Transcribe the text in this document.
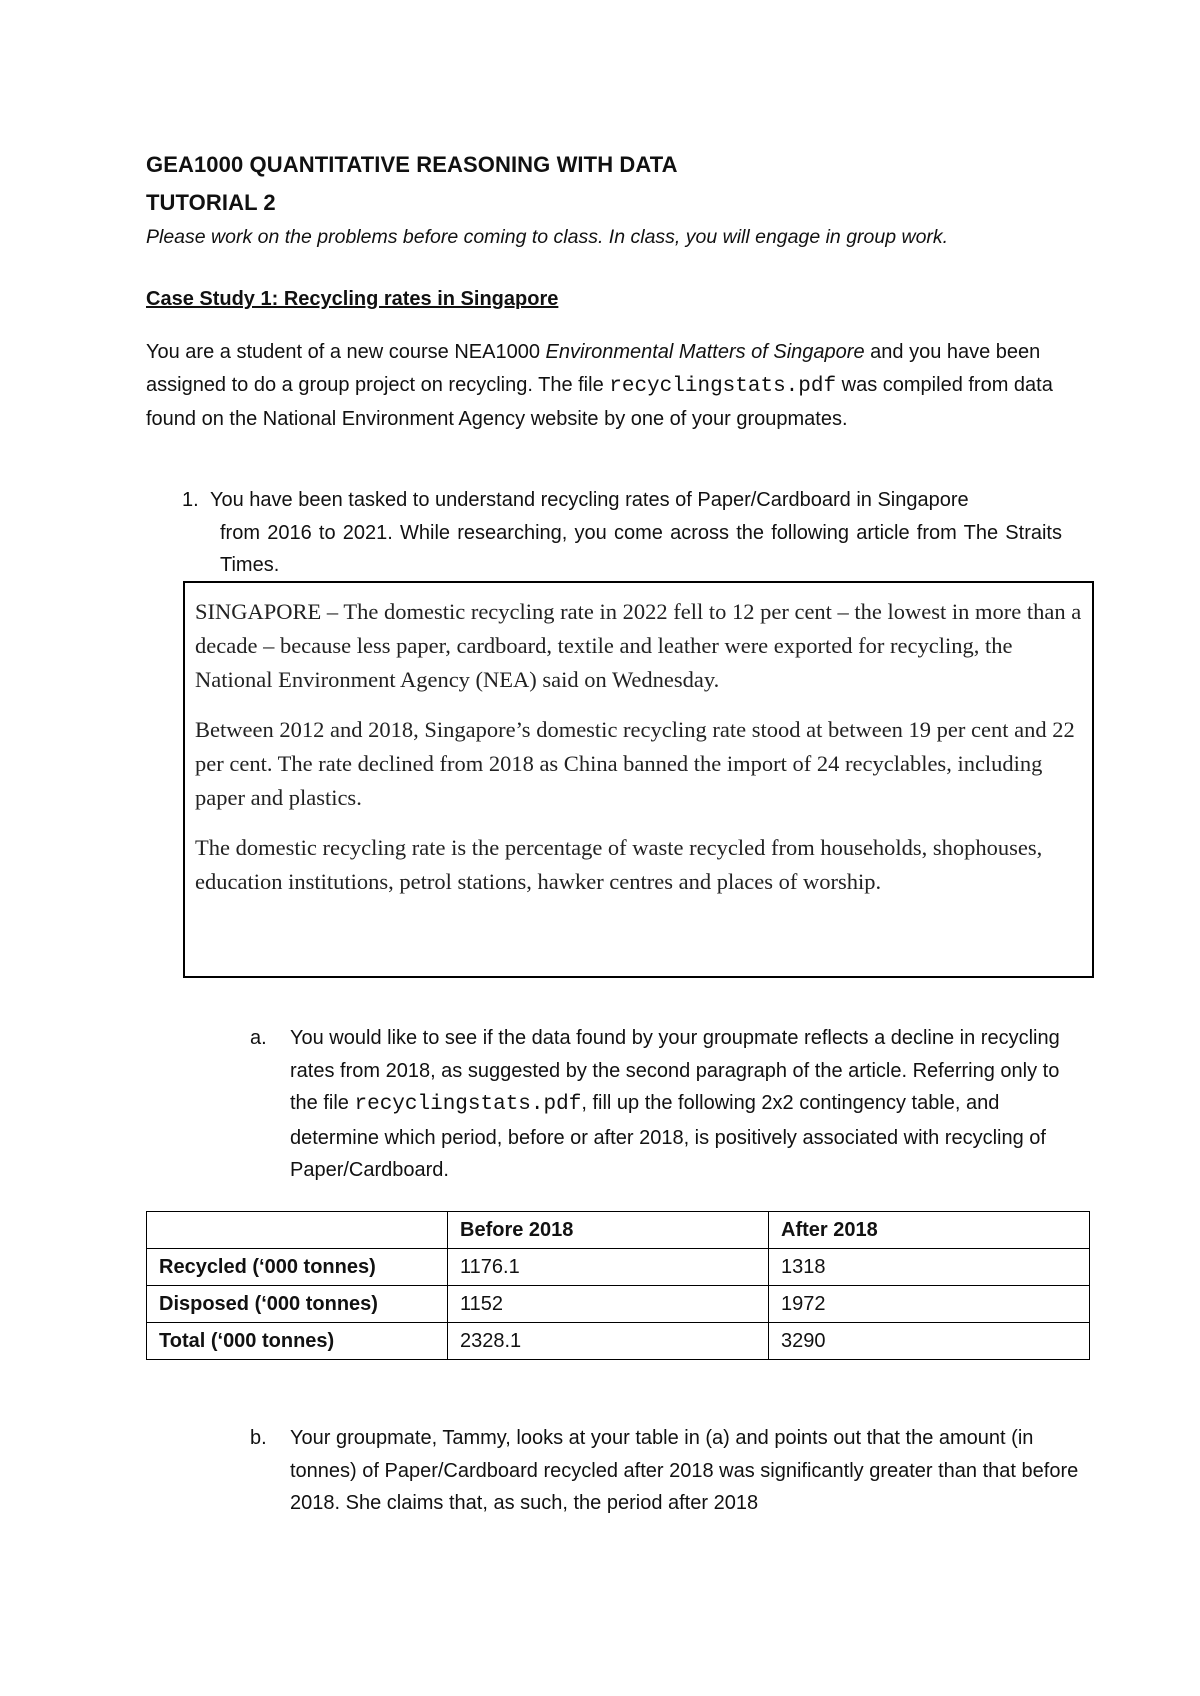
GEA1000 QUANTITATIVE REASONING WITH DATA
TUTORIAL 2
Please work on the problems before coming to class. In class, you will engage in group work.
Case Study 1: Recycling rates in Singapore
You are a student of a new course NEA1000 Environmental Matters of Singapore and you have been assigned to do a group project on recycling. The file recyclingstats.pdf was compiled from data found on the National Environment Agency website by one of your groupmates.
1. You have been tasked to understand recycling rates of Paper/Cardboard in Singapore
from 2016 to 2021. While researching, you come across the following article from The Straits Times.

SINGAPORE – The domestic recycling rate in 2022 fell to 12 per cent – the lowest in more than a decade – because less paper, cardboard, textile and leather were exported for recycling, the National Environment Agency (NEA) said on Wednesday.

Between 2012 and 2018, Singapore’s domestic recycling rate stood at between 19 per cent and 22 per cent. The rate declined from 2018 as China banned the import of 24 recyclables, including paper and plastics.

The domestic recycling rate is the percentage of waste recycled from households, shophouses, education institutions, petrol stations, hawker centres and places of worship.

a. You would like to see if the data found by your groupmate reflects a decline in recycling rates from 2018, as suggested by the second paragraph of the article. Referring only to the file recyclingstats.pdf, fill up the following 2x2 contingency table, and determine which period, before or after 2018, is positively associated with recycling of Paper/Cardboard.
	Before 2018	After 2018
Recycled (‘000 tonnes)	1176.1	1318
Disposed (‘000 tonnes)	1152	1972
Total (‘000 tonnes)	2328.1	3290
b. Your groupmate, Tammy, looks at your table in (a) and points out that the amount (in tonnes) of Paper/Cardboard recycled after 2018 was significantly greater than that before 2018. She claims that, as such, the period after 2018
